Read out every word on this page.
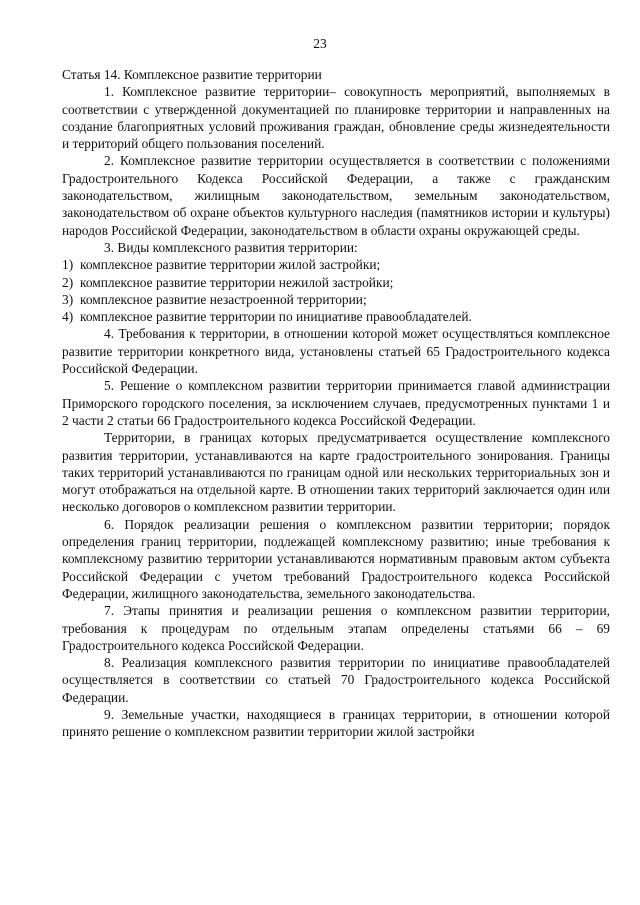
23

Статья 14. Комплексное развитие территории

1. Комплексное развитие территории– совокупность мероприятий, выполняемых в соответствии с утвержденной документацией по планировке территории и направленных на создание благоприятных условий проживания граждан, обновление среды жизнедеятельности и территорий общего пользования поселений.

2. Комплексное развитие территории осуществляется в соответствии с положениями Градостроительного Кодекса Российской Федерации, а также с гражданским законодательством, жилищным законодательством, земельным законодательством, законодательством об охране объектов культурного наследия (памятников истории и культуры) народов Российской Федерации, законодательством в области охраны окружающей среды.

3. Виды комплексного развития территории:

1) комплексное развитие территории жилой застройки;

2) комплексное развитие территории нежилой застройки;

3) комплексное развитие незастроенной территории;

4) комплексное развитие территории по инициативе правообладателей.

4. Требования к территории, в отношении которой может осуществляться комплексное развитие территории конкретного вида, установлены статьей 65 Градостроительного кодекса Российской Федерации.

5. Решение о комплексном развитии территории принимается главой администрации Приморского городского поселения, за исключением случаев, предусмотренных пунктами 1 и 2 части 2 статьи 66 Градостроительного кодекса Российской Федерации.

Территории, в границах которых предусматривается осуществление комплексного развития территории, устанавливаются на карте градостроительного зонирования. Границы таких территорий устанавливаются по границам одной или нескольких территориальных зон и могут отображаться на отдельной карте. В отношении таких территорий заключается один или несколько договоров о комплексном развитии территории.

6. Порядок реализации решения о комплексном развитии территории; порядок определения границ территории, подлежащей комплексному развитию; иные требования к комплексному развитию территории устанавливаются нормативным правовым актом субъекта Российской Федерации с учетом требований Градостроительного кодекса Российской Федерации, жилищного законодательства, земельного законодательства.

7. Этапы принятия и реализации решения о комплексном развитии территории, требования к процедурам по отдельным этапам определены статьями 66 – 69 Градостроительного кодекса Российской Федерации.

8. Реализация комплексного развития территории по инициативе правообладателей осуществляется в соответствии со статьей 70 Градостроительного кодекса Российской Федерации.

9. Земельные участки, находящиеся в границах территории, в отношении которой принято решение о комплексном развитии территории жилой застройки
